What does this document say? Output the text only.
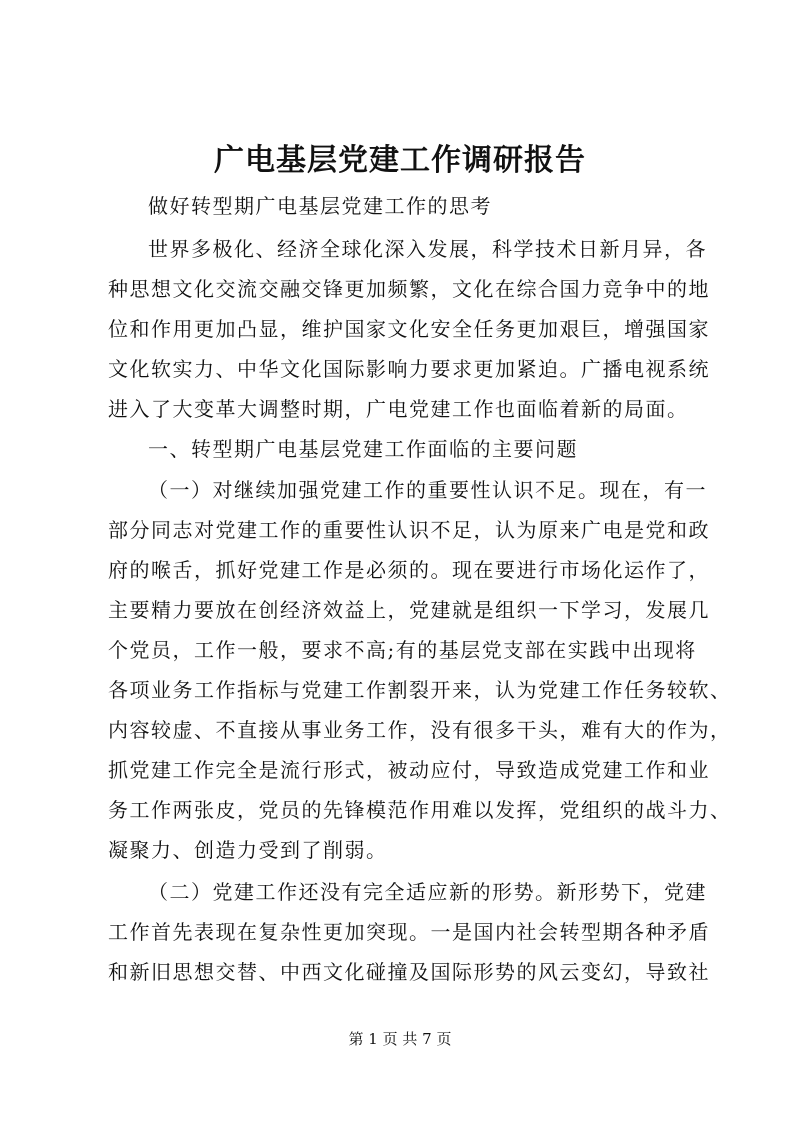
广电基层党建工作调研报告

做好转型期广电基层党建工作的思考

世界多极化、经济全球化深入发展，科学技术日新月异，各

种思想文化交流交融交锋更加频繁，文化在综合国力竞争中的地

位和作用更加凸显，维护国家文化安全任务更加艰巨，增强国家

文化软实力、中华文化国际影响力要求更加紧迫。广播电视系统

进入了大变革大调整时期，广电党建工作也面临着新的局面。

一、转型期广电基层党建工作面临的主要问题

（一）对继续加强党建工作的重要性认识不足。现在，有一

部分同志对党建工作的重要性认识不足，认为原来广电是党和政

府的喉舌，抓好党建工作是必须的。现在要进行市场化运作了，

主要精力要放在创经济效益上，党建就是组织一下学习，发展几

个党员，工作一般，要求不高;有的基层党支部在实践中出现将

各项业务工作指标与党建工作割裂开来，认为党建工作任务较软、

内容较虚、不直接从事业务工作，没有很多干头，难有大的作为，

抓党建工作完全是流行形式，被动应付，导致造成党建工作和业

务工作两张皮，党员的先锋模范作用难以发挥，党组织的战斗力、

凝聚力、创造力受到了削弱。

（二）党建工作还没有完全适应新的形势。新形势下，党建

工作首先表现在复杂性更加突现。一是国内社会转型期各种矛盾

和新旧思想交替、中西文化碰撞及国际形势的风云变幻，导致社

第 1 页 共 7 页
